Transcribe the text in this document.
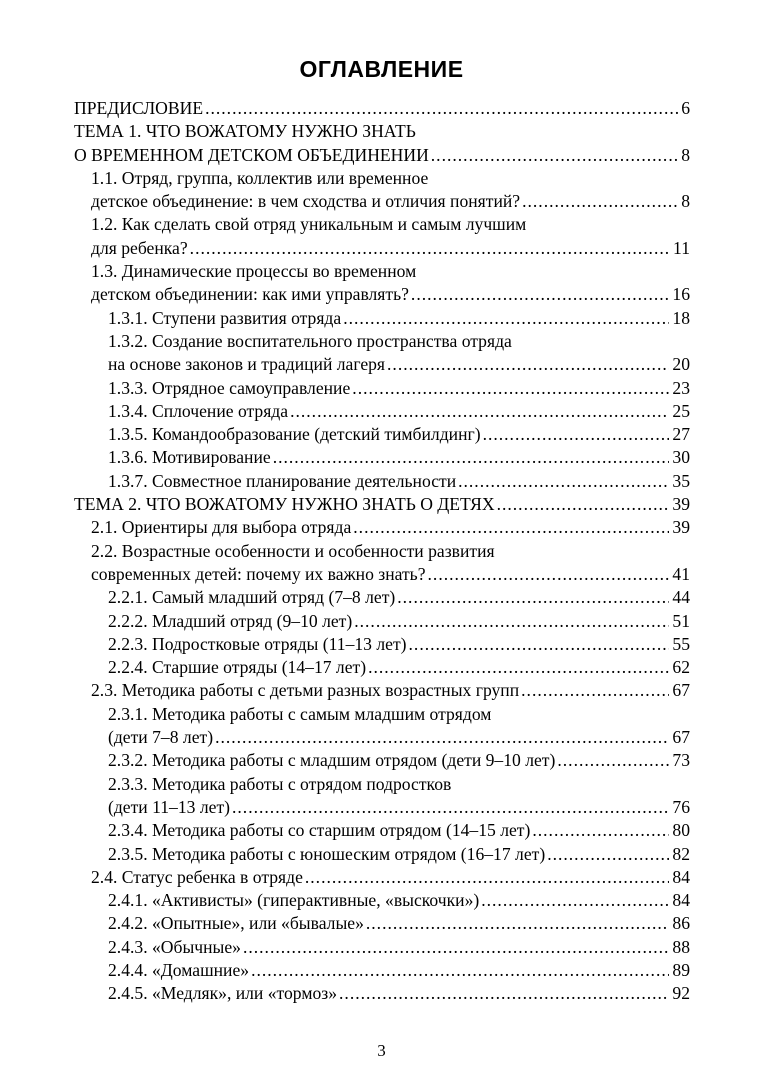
ОГЛАВЛЕНИЕ
ПРЕДИСЛОВИЕ .....	6
ТЕМА 1. ЧТО ВОЖАТОМУ НУЖНО ЗНАТЬ
О ВРЕМЕННОМ ДЕТСКОМ ОБЪЕДИНЕНИИ .....	8
1.1. Отряд, группа, коллектив или временное
детское объединение: в чем сходства и отличия понятий? .....	8
1.2. Как сделать свой отряд уникальным и самым лучшим
для ребенка? .....	11
1.3. Динамические процессы во временном
детском объединении: как ими управлять? .....	16
1.3.1. Ступени развития отряда .....	18
1.3.2. Создание воспитательного пространства отряда
на основе законов и традиций лагеря .....	20
1.3.3. Отрядное самоуправление .....	23
1.3.4. Сплочение отряда .....	25
1.3.5. Командообразование (детский тимбилдинг) .....	27
1.3.6. Мотивирование .....	30
1.3.7. Совместное планирование деятельности .....	35
ТЕМА 2. ЧТО ВОЖАТОМУ НУЖНО ЗНАТЬ О ДЕТЯХ .....	39
2.1. Ориентиры для выбора отряда .....	39
2.2. Возрастные особенности и особенности развития
современных детей: почему их важно знать? .....	41
2.2.1. Самый младший отряд (7–8 лет) .....	44
2.2.2. Младший отряд (9–10 лет) .....	51
2.2.3. Подростковые отряды (11–13 лет) .....	55
2.2.4. Старшие отряды (14–17 лет) .....	62
2.3. Методика работы с детьми разных возрастных групп .....	67
2.3.1. Методика работы с самым младшим отрядом
(дети 7–8 лет) .....	67
2.3.2. Методика работы с младшим отрядом (дети 9–10 лет) .....	73
2.3.3. Методика работы с отрядом подростков
(дети 11–13 лет) .....	76
2.3.4. Методика работы со старшим отрядом (14–15 лет) .....	80
2.3.5. Методика работы с юношеским отрядом (16–17 лет) .....	82
2.4. Статус ребенка в отряде .....	84
2.4.1. «Активисты» (гиперактивные, «выскочки») .....	84
2.4.2. «Опытные», или «бывалые» .....	86
2.4.3. «Обычные» .....	88
2.4.4. «Домашние» .....	89
2.4.5. «Медляк», или «тормоз» .....	92
3
